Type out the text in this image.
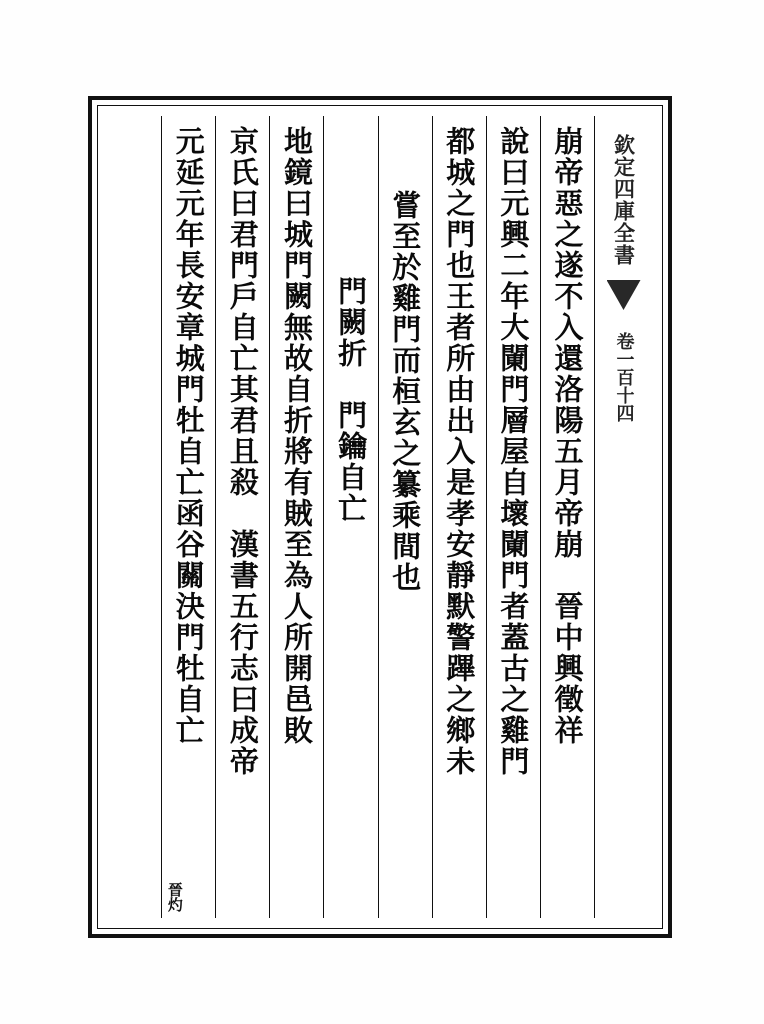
欽定四庫全書
卷一百十四
崩帝惡之遂不入還洛陽五月帝崩　晉中興徵祥
說曰元興二年大䦨門層屋自壞䦨門者蓋古之雞門
都城之門也王者所由出入是孝安靜默警蹕之鄉未
嘗至於雞門而桓玄之纂乘間也
門闕折　門鑰自亡
地鏡曰城門闕無故自折將有賊至為人所開邑敗
京氏曰君門戶自亡其君且殺　漢書五行志曰成帝
元延元年長安章城門牡自亡函谷關決門牡自亡
晉灼
